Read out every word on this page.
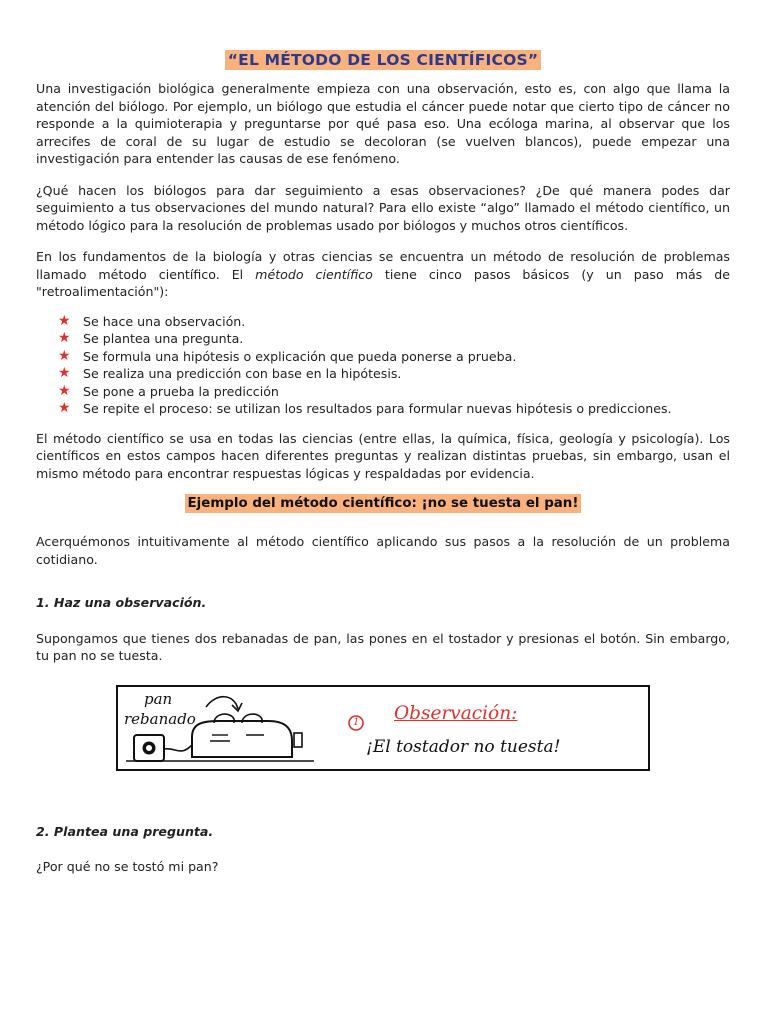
“EL MÉTODO DE LOS CIENTÍFICOS”

Una investigación biológica generalmente empieza con una observación, esto es, con algo que llama la atención del biólogo. Por ejemplo, un biólogo que estudia el cáncer puede notar que cierto tipo de cáncer no responde a la quimioterapia y preguntarse por qué pasa eso. Una ecóloga marina, al observar que los arrecifes de coral de su lugar de estudio se decoloran (se vuelven blancos), puede empezar una investigación para entender las causas de ese fenómeno.

¿Qué hacen los biólogos para dar seguimiento a esas observaciones? ¿De qué manera podes dar seguimiento a tus observaciones del mundo natural? Para ello existe “algo” llamado el método científico, un método lógico para la resolución de problemas usado por biólogos y muchos otros científicos.

En los fundamentos de la biología y otras ciencias se encuentra un método de resolución de problemas llamado método científico. El método científico tiene cinco pasos básicos (y un paso más de "retroalimentación"):

★ Se hace una observación.
★ Se plantea una pregunta.
★ Se formula una hipótesis o explicación que pueda ponerse a prueba.
★ Se realiza una predicción con base en la hipótesis.
★ Se pone a prueba la predicción
★ Se repite el proceso: se utilizan los resultados para formular nuevas hipótesis o predicciones.

El método científico se usa en todas las ciencias (entre ellas, la química, física, geología y psicología). Los científicos en estos campos hacen diferentes preguntas y realizan distintas pruebas, sin embargo, usan el mismo método para encontrar respuestas lógicas y respaldadas por evidencia.

Ejemplo del método científico: ¡no se tuesta el pan!

Acerquémonos intuitivamente al método científico aplicando sus pasos a la resolución de un problema cotidiano.

1. Haz una observación.

Supongamos que tienes dos rebanadas de pan, las pones en el tostador y presionas el botón. Sin embargo, tu pan no se tuesta.

pan
rebanado	1 Observación:
¡El tostador no tuesta!
2. Plantea una pregunta.

¿Por qué no se tostó mi pan?
